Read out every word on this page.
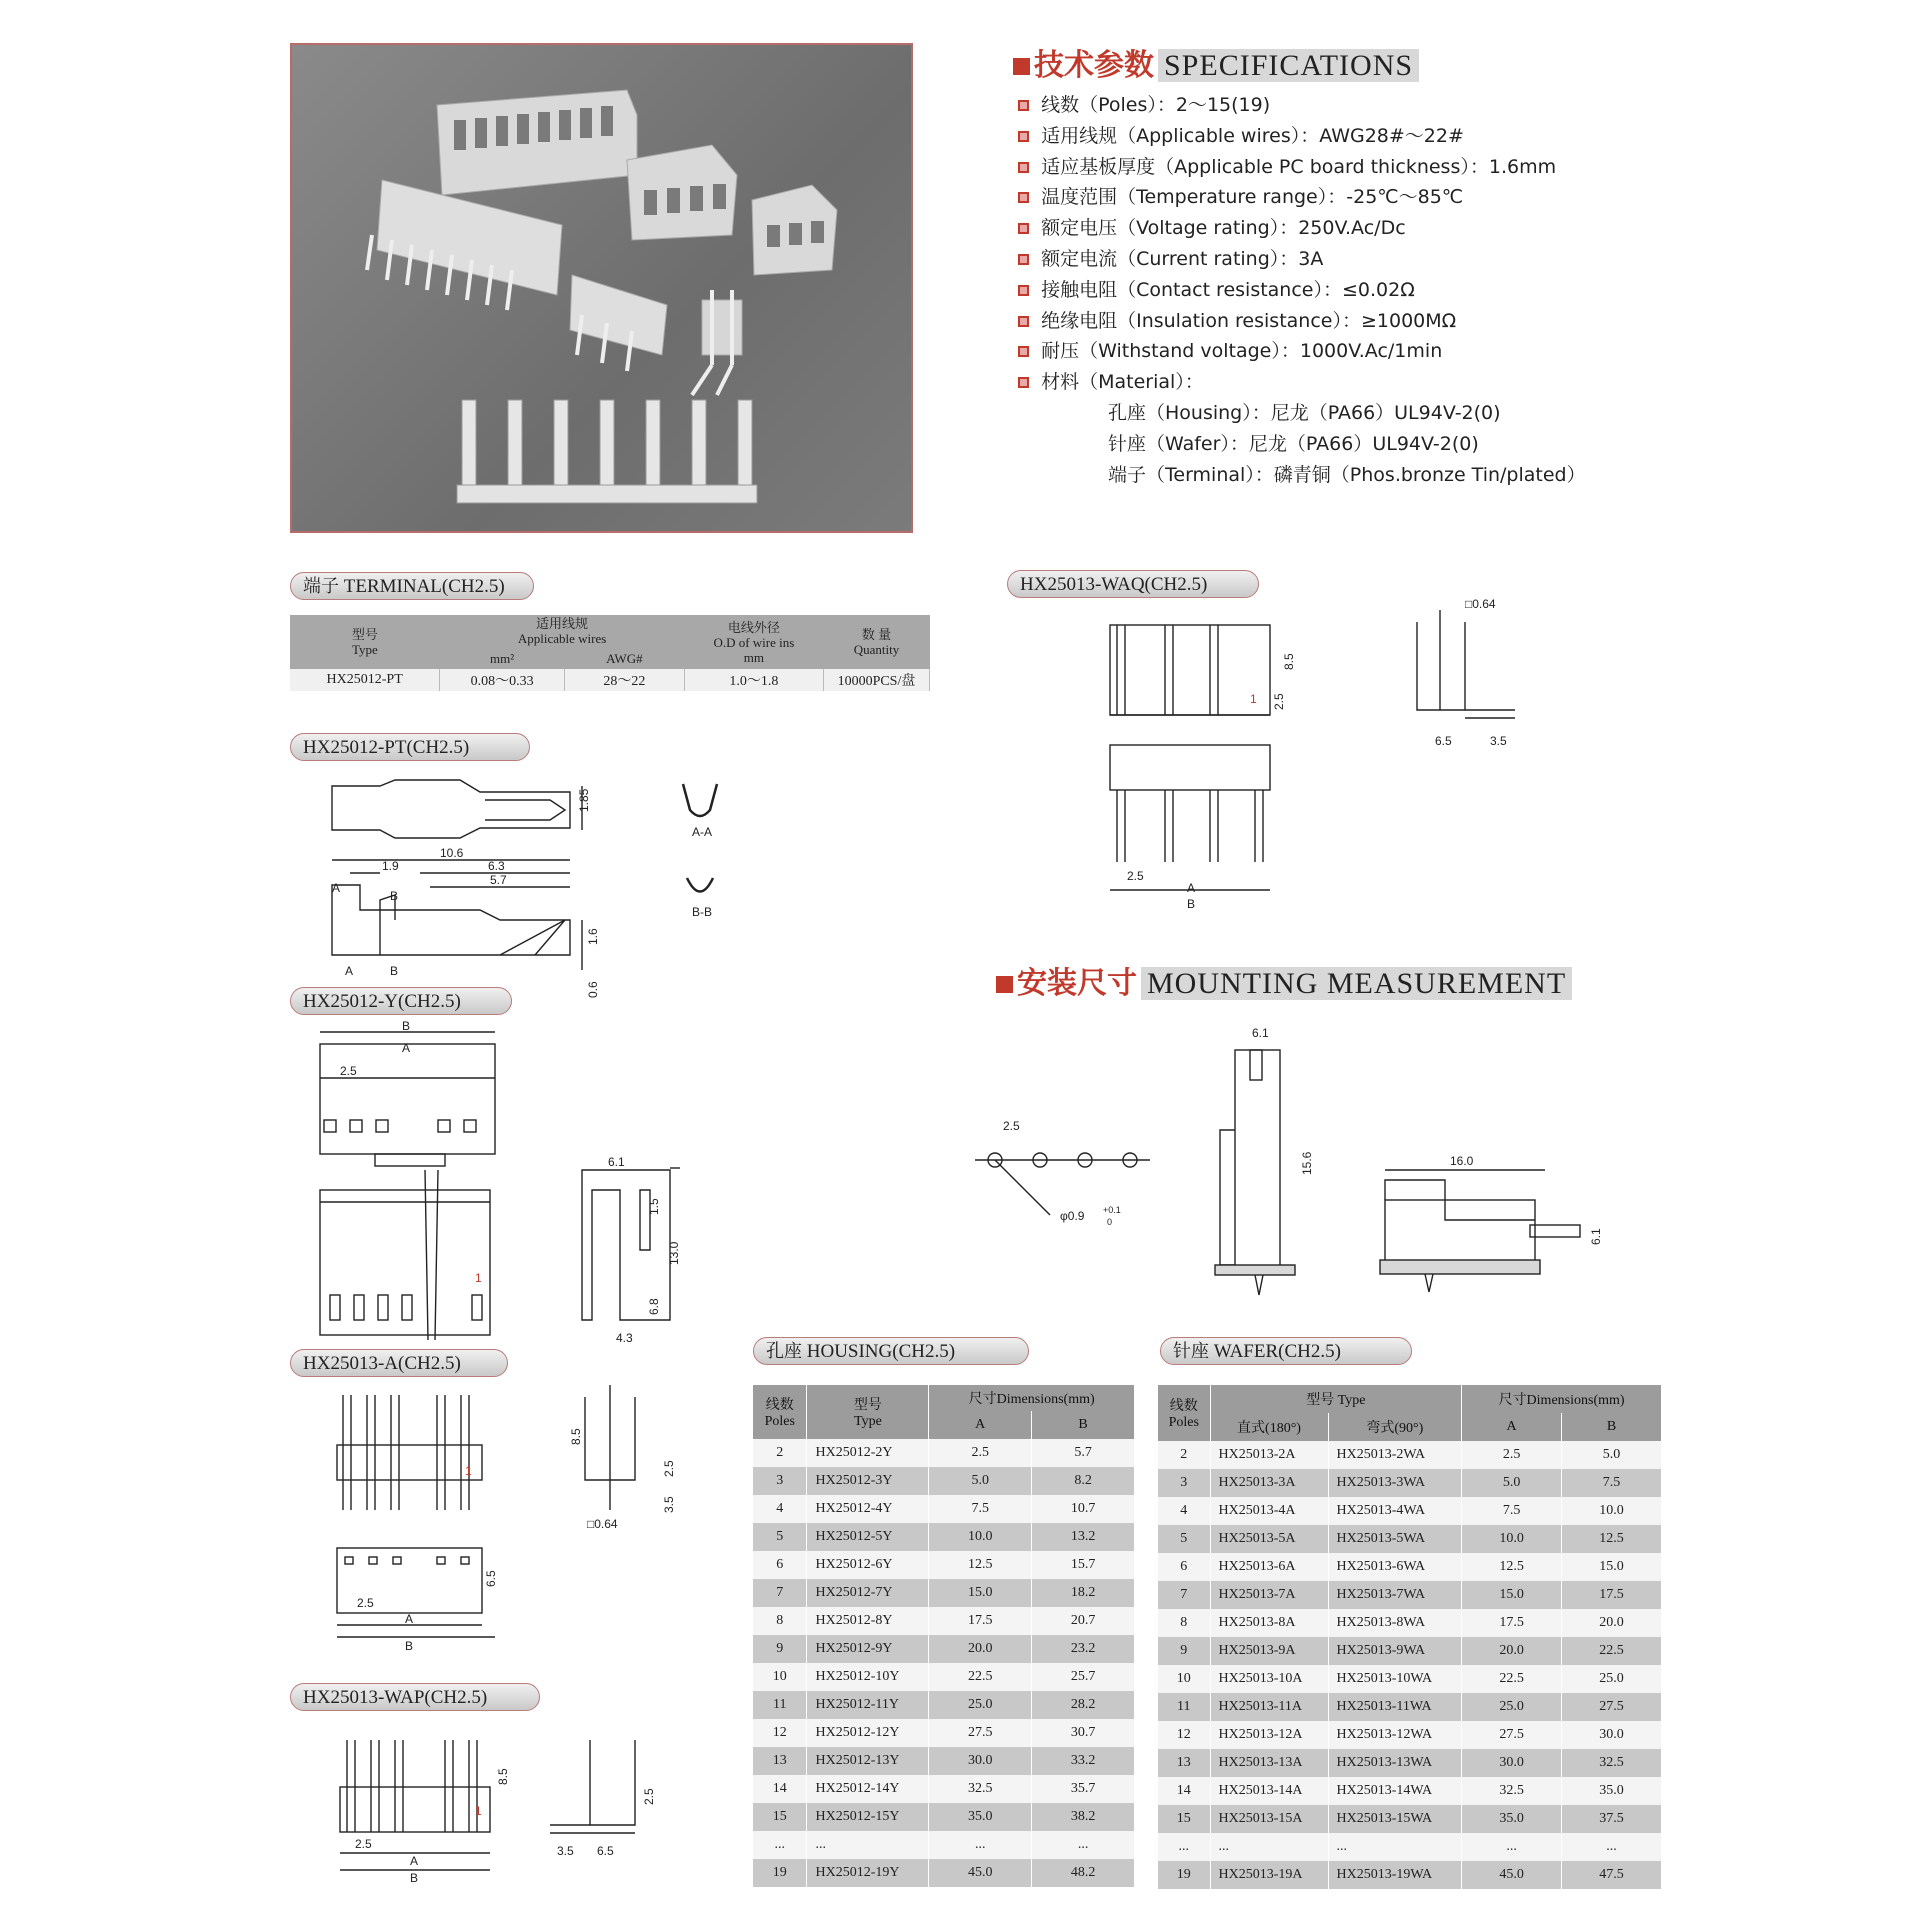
技术参数 SPECIFICATIONS
线数（Poles）：2～15(19)
适用线规（Applicable wires）：AWG28#～22#
适应基板厚度（Applicable PC board thickness）：1.6mm
温度范围（Temperature range）：-25℃～85℃
额定电压（Voltage rating）：250V.Ac/Dc
额定电流（Current rating）：3A
接触电阻（Contact resistance）：≤0.02Ω
绝缘电阻（Insulation resistance）：≥1000MΩ
耐压（Withstand voltage）：1000V.Ac/1min
材料（Material）：
孔座（Housing）：尼龙（PA66）UL94V-2(0)
针座（Wafer）：尼龙（PA66）UL94V-2(0)
端子（Terminal）：磷青铜（Phos.bronze Tin/plated）
端子 TERMINAL(CH2.5)
型号
Type	适用线规
Applicable wires		电线外径
O.D of wire ins
mm	数 量
Quantity
	mm²	AWG#		
HX25012-PT	0.08～0.33	28～22	1.0～1.8	10000PCS/盘
HX25012-PT(CH2.5)
1.85
10.6
1.9	6.3
5.7
A
B
A	B
1.6
0.6
A-A
B-B
HX25012-Y(CH2.5)
B
A
2.5
1
6.1
1.5
13.0
6.8
4.3
HX25013-A(CH2.5)
1
8.5
2.5
3.5
□0.64
6.5
2.5
A
B
HX25013-WAP(CH2.5)
1
8.5
2.5
A
B
2.5
3.5 6.5
HX25013-WAQ(CH2.5)
1
8.5
2.5
□0.64
6.5	3.5
2.5
A
B
安装尺寸 MOUNTING MEASUREMENT
2.5
φ0.9 +0.1
0
6.1
15.6	16.0
6.1
孔座 HOUSING(CH2.5)
线数
Poles	型号
Type	尺寸Dimensions(mm)	
		A	B
2	HX25012-2Y	2.5	5.7
3	HX25012-3Y	5.0	8.2
4	HX25012-4Y	7.5	10.7
5	HX25012-5Y	10.0	13.2
6	HX25012-6Y	12.5	15.7
7	HX25012-7Y	15.0	18.2
8	HX25012-8Y	17.5	20.7
9	HX25012-9Y	20.0	23.2
10	HX25012-10Y	22.5	25.7
11	HX25012-11Y	25.0	28.2
12	HX25012-12Y	27.5	30.7
13	HX25012-13Y	30.0	33.2
14	HX25012-14Y	32.5	35.7
15	HX25012-15Y	35.0	38.2
...	...	...	...
19	HX25012-19Y	45.0	48.2
针座 WAFER(CH2.5)
线数
Poles	型号 Type		尺寸Dimensions(mm)	
	直式(180°)	弯式(90°)	A	B
2	HX25013-2A	HX25013-2WA	2.5	5.0
3	HX25013-3A	HX25013-3WA	5.0	7.5
4	HX25013-4A	HX25013-4WA	7.5	10.0
5	HX25013-5A	HX25013-5WA	10.0	12.5
6	HX25013-6A	HX25013-6WA	12.5	15.0
7	HX25013-7A	HX25013-7WA	15.0	17.5
8	HX25013-8A	HX25013-8WA	17.5	20.0
9	HX25013-9A	HX25013-9WA	20.0	22.5
10	HX25013-10A	HX25013-10WA	22.5	25.0
11	HX25013-11A	HX25013-11WA	25.0	27.5
12	HX25013-12A	HX25013-12WA	27.5	30.0
13	HX25013-13A	HX25013-13WA	30.0	32.5
14	HX25013-14A	HX25013-14WA	32.5	35.0
15	HX25013-15A	HX25013-15WA	35.0	37.5
...	...	...	...	...
19	HX25013-19A	HX25013-19WA	45.0	47.5
